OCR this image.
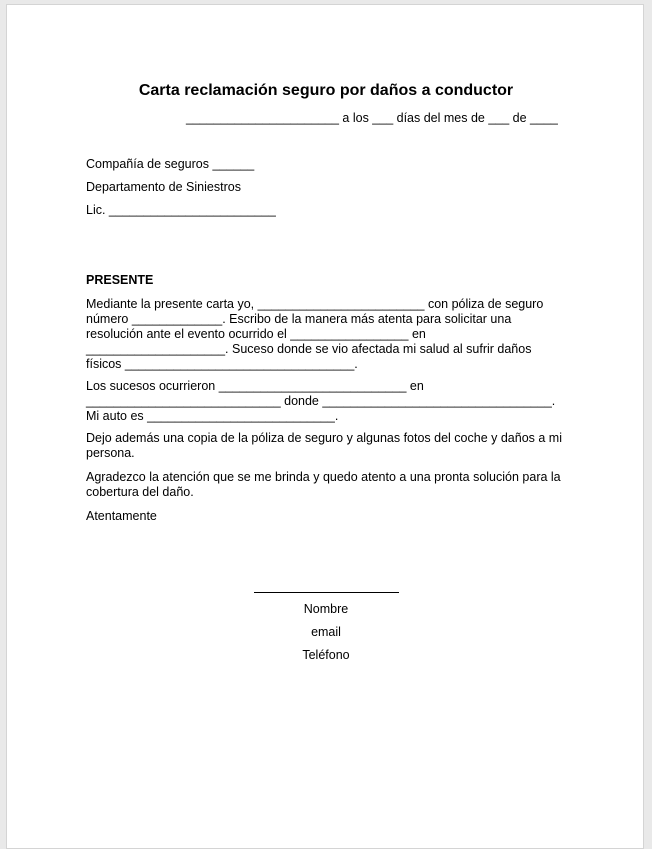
Carta reclamación seguro por daños a conductor
______________________ a los ___ días del mes de ___ de ____
Compañía de seguros ______
Departamento de Siniestros
Lic. ________________________
PRESENTE
Mediante la presente carta yo, ________________________ con póliza de seguro número _____________. Escribo de la manera más atenta para solicitar una resolución ante el evento ocurrido el _________________ en ____________________. Suceso donde se vio afectada mi salud al sufrir daños físicos _________________________________.
Los sucesos ocurrieron ___________________________ en ____________________________ donde _________________________________. Mi auto es ___________________________.
Dejo además una copia de la póliza de seguro y algunas fotos del coche y daños a mi persona.
Agradezco la atención que se me brinda y quedo atento a una pronta solución para la cobertura del daño.
Atentamente
Nombre
email
Teléfono
